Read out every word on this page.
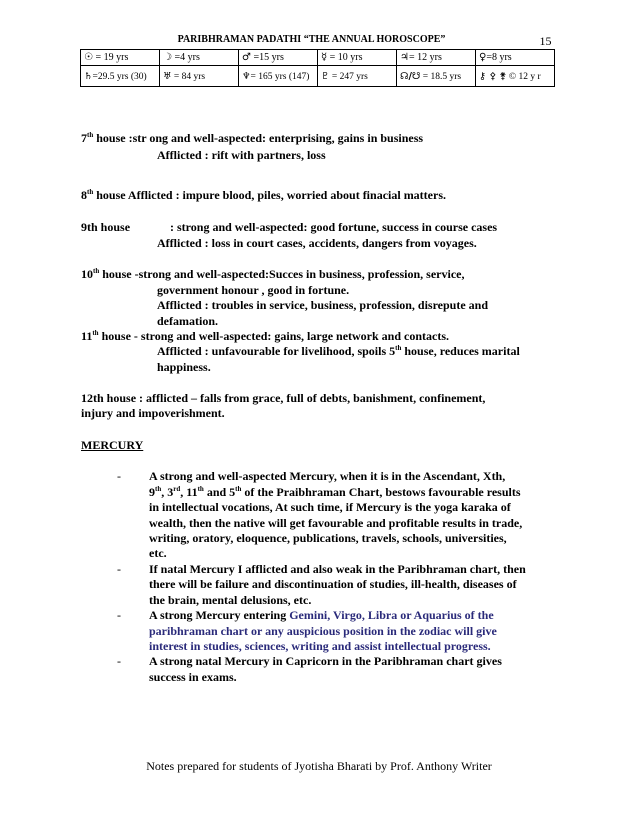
PARIBHRAMAN PADATHI “THE ANNUAL HOROSCOPE” 15					

☉ = 19 yrs	☽ =4 yrs	♂ =15 yrs	☿ = 10 yrs	♃= 12 yrs	♀=8 yrs
♄=29.5 yrs (30)	♅ = 84 yrs	♆= 165 yrs (147)	♇ = 247 yrs	☊/☋ = 18.5 yrs	⚷ ⚴ ⚵ © 12 y r
7th house :str ong and well-aspected: enterprising, gains in business
Afflicted : rift with partners, loss
8th house Afflicted : impure blood, piles, worried about finacial matters.
9th house	: strong and well-aspected: good fortune, success in course cases
Afflicted : loss in court cases, accidents, dangers from voyages.
10th house -strong and well-aspected:Succes in business, profession, service,
government honour , good in fortune.
Afflicted : troubles in service, business, profession, disrepute and
defamation.
11th house - strong and well-aspected: gains, large network and contacts.
Afflicted : unfavourable for livelihood, spoils 5th house, reduces marital
happiness.
12th house : afflicted – falls from grace, full of debts, banishment, confinement,
injury and impoverishment.
MERCURY
- A strong and well-aspected Mercury, when it is in the Ascendant, Xth,
9th, 3rd, 11th and 5th of the Praibhraman Chart, bestows favourable results
in intellectual vocations, At such time, if Mercury is the yoga karaka of
wealth, then the native will get favourable and profitable results in trade,
writing, oratory, eloquence, publications, travels, schools, universities,
etc.
- If natal Mercury I afflicted and also weak in the Paribhraman chart, then
there will be failure and discontinuation of studies, ill-health, diseases of
the brain, mental delusions, etc.
- A strong Mercury entering Gemini, Virgo, Libra or Aquarius of the
paribhraman chart or any auspicious position in the zodiac will give
interest in studies, sciences, writing and assist intellectual progress.
- A strong natal Mercury in Capricorn in the Paribhraman chart gives
success in exams.
Notes prepared for students of Jyotisha Bharati by Prof. Anthony Writer
